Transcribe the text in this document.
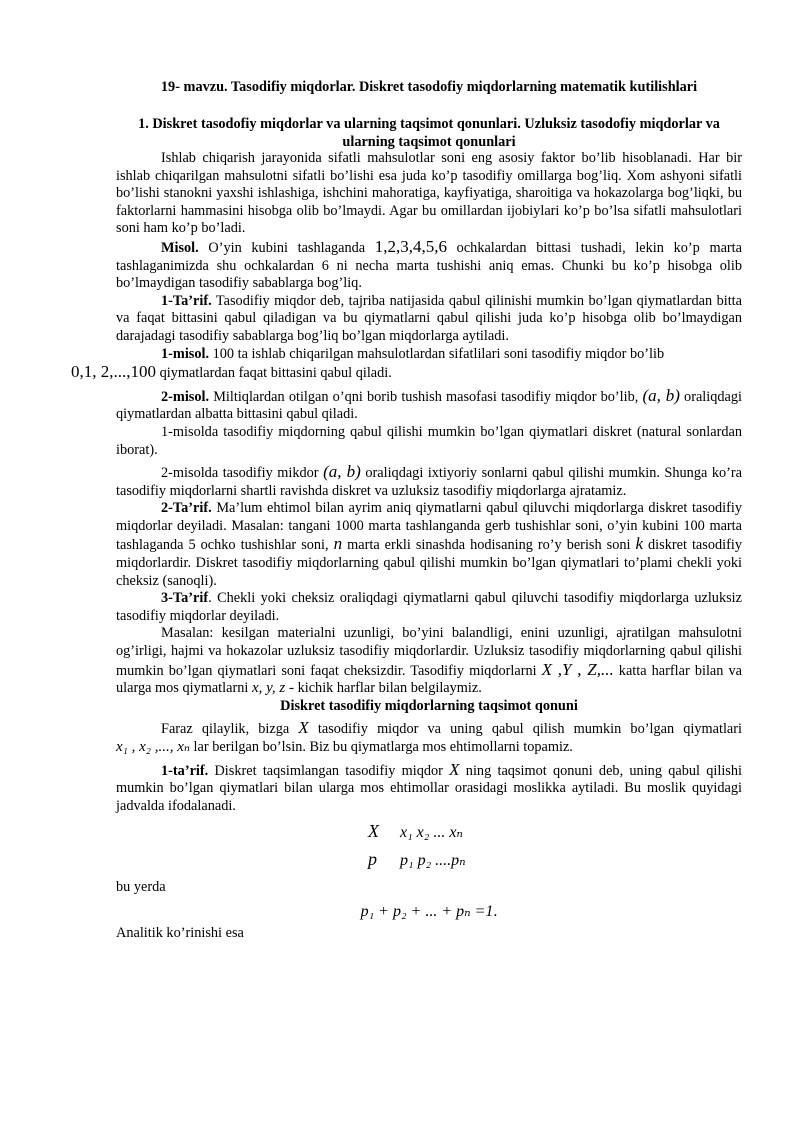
19- mavzu. Tasodifiy miqdorlar. Diskret tasodofiy miqdorlarning matematik kutilishlari
1. Diskret tasodofiy miqdorlar va ularning taqsimot qonunlari. Uzluksiz tasodofiy miqdorlar va ularning taqsimot qonunlari

Ishlab chiqarish jarayonida sifatli mahsulotlar soni eng asosiy faktor bo’lib hisoblanadi. Har bir ishlab chiqarilgan mahsulotni sifatli bo’lishi esa juda ko’p tasodifiy omillarga bog’liq. Xom ashyoni sifatli bo’lishi stanokni yaxshi ishlashiga, ishchini mahoratiga, kayfiyatiga, sharoitiga va hokazolarga bog’liqki, bu faktorlarni hammasini hisobga olib bo’lmaydi. Agar bu omillardan ijobiylari ko’p bo’lsa sifatli mahsulotlari soni ham ko’p bo’ladi.

Misol. O’yin kubini tashlaganda 1,2,3,4,5,6 ochkalardan bittasi tushadi, lekin ko’p marta tashlaganimizda shu ochkalardan 6 ni necha marta tushishi aniq emas. Chunki bu ko’p hisobga olib bo’lmaydigan tasodifiy sabablarga bog’liq.

1-Ta’rif. Tasodifiy miqdor deb, tajriba natijasida qabul qilinishi mumkin bo’lgan qiymatlardan bitta va faqat bittasini qabul qiladigan va bu qiymatlarni qabul qilishi juda ko’p hisobga olib bo’lmaydigan darajadagi tasodifiy sabablarga bog’liq bo’lgan miqdorlarga aytiladi.

1-misol. 100 ta ishlab chiqarilgan mahsulotlardan sifatlilari soni tasodifiy miqdor bo’lib
0,1, 2,...,100 qiymatlardan faqat bittasini qabul qiladi.

2-misol. Miltiqlardan otilgan o’qni borib tushish masofasi tasodifiy miqdor bo’lib, (a, b) oraliqdagi qiymatlardan albatta bittasini qabul qiladi.

1-misolda tasodifiy miqdorning qabul qilishi mumkin bo’lgan qiymatlari diskret (natural sonlardan iborat).

2-misolda tasodifiy mikdor (a, b) oraliqdagi ixtiyoriy sonlarni qabul qilishi mumkin. Shunga ko’ra tasodifiy miqdorlarni shartli ravishda diskret va uzluksiz tasodifiy miqdorlarga ajratamiz.

2-Ta’rif. Ma’lum ehtimol bilan ayrim aniq qiymatlarni qabul qiluvchi miqdorlarga diskret tasodifiy miqdorlar deyiladi. Masalan: tangani 1000 marta tashlanganda gerb tushishlar soni, o’yin kubini 100 marta tashlaganda 5 ochko tushishlar soni, n marta erkli sinashda hodisaning ro’y berish soni k diskret tasodifiy miqdorlardir. Diskret tasodifiy miqdorlarning qabul qilishi mumkin bo’lgan qiymatlari to’plami chekli yoki cheksiz (sanoqli).

3-Ta’rif. Chekli yoki cheksiz oraliqdagi qiymatlarni qabul qiluvchi tasodifiy miqdorlarga uzluksiz tasodifiy miqdorlar deyiladi.

Masalan: kesilgan materialni uzunligi, bo’yini balandligi, enini uzunligi, ajratilgan mahsulotni og’irligi, hajmi va hokazolar uzluksiz tasodifiy miqdorlardir. Uzluksiz tasodifiy miqdorlarning qabul qilishi mumkin bo’lgan qiymatlari soni faqat cheksizdir. Tasodifiy miqdorlarni X ,Y , Z,... katta harflar bilan va ularga mos qiymatlarni x, y, z - kichik harflar bilan belgilaymiz.

Diskret tasodifiy miqdorlarning taqsimot qonuni

Faraz qilaylik, bizga X tasodifiy miqdor va uning qabul qilish mumkin bo’lgan qiymatlari x₁ , x₂ ,..., xₙ lar berilgan bo’lsin. Biz bu qiymatlarga mos ehtimollarni topamiz.

1-ta’rif. Diskret taqsimlangan tasodifiy miqdor X ning taqsimot qonuni deb, uning qabul qilishi mumkin bo’lgan qiymatlari bilan ularga mos ehtimollar orasidagi moslikka aytiladi. Bu moslik quyidagi jadvalda ifodalanadi.

X x₁ x₂ ... xₙ
p p₁ p₂ ....pₙ

bu yerda

p₁ + p₂ + ... + pₙ =1.

Analitik ko’rinishi esa
